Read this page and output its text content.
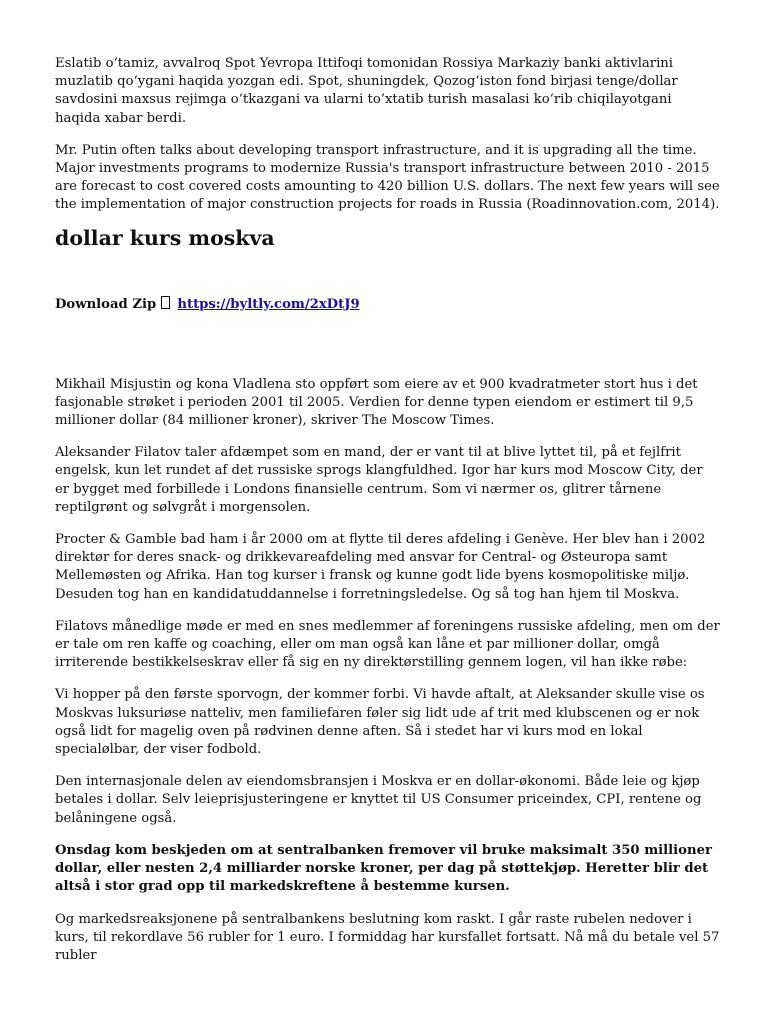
Eslatib o‘tamiz, avvalroq Spot Yevropa Ittifoqi tomonidan Rossiya Markaziy banki aktivlarini muzlatib qo‘ygani haqida yozgan edi. Spot, shuningdek, Qozog‘iston fond birjasi tenge/dollar savdosini maxsus rejimga o‘tkazgani va ularni to‘xtatib turish masalasi ko‘rib chiqilayotgani haqida xabar berdi.

Mr. Putin often talks about developing transport infrastructure, and it is upgrading all the time. Major investments programs to modernize Russia's transport infrastructure between 2010 - 2015 are forecast to cost covered costs amounting to 420 billion U.S. dollars. The next few years will see the implementation of major construction projects for roads in Russia (Roadinnovation.com, 2014).

dollar kurs moskva
Download Zip https://byltly.com/2xDtJ9

Mikhail Misjustin og kona Vladlena sto oppført som eiere av et 900 kvadratmeter stort hus i det fasjonable strøket i perioden 2001 til 2005. Verdien for denne typen eiendom er estimert til 9,5 millioner dollar (84 millioner kroner), skriver The Moscow Times.

Aleksander Filatov taler afdæmpet som en mand, der er vant til at blive lyttet til, på et fejlfrit engelsk, kun let rundet af det russiske sprogs klangfuldhed. Igor har kurs mod Moscow City, der er bygget med forbillede i Londons finansielle centrum. Som vi nærmer os, glitrer tårnene reptilgrønt og sølvgråt i morgensolen.

Procter & Gamble bad ham i år 2000 om at flytte til deres afdeling i Genève. Her blev han i 2002 direktør for deres snack- og drikkevareafdeling med ansvar for Central- og Østeuropa samt Mellemøsten og Afrika. Han tog kurser i fransk og kunne godt lide byens kosmopolitiske miljø. Desuden tog han en kandidatuddannelse i forretningsledelse. Og så tog han hjem til Moskva.

Filatovs månedlige møde er med en snes medlemmer af foreningens russiske afdeling, men om der er tale om ren kaffe og coaching, eller om man også kan låne et par millioner dollar, omgå irriterende bestikkelseskrav eller få sig en ny direktørstilling gennem logen, vil han ikke røbe:

Vi hopper på den første sporvogn, der kommer forbi. Vi havde aftalt, at Aleksander skulle vise os Moskvas luksuriøse natteliv, men familiefaren føler sig lidt ude af trit med klubscenen og er nok også lidt for magelig oven på rødvinen denne aften. Så i stedet har vi kurs mod en lokal specialølbar, der viser fodbold.

Den internasjonale delen av eiendomsbransjen i Moskva er en dollar-økonomi. Både leie og kjøp betales i dollar. Selv leieprisjusteringene er knyttet til US Consumer priceindex, CPI, rentene og belåningene også.

Onsdag kom beskjeden om at sentralbanken fremover vil bruke maksimalt 350 millioner dollar, eller nesten 2,4 milliarder norske kroner, per dag på støttekjøp. Heretter blir det altså i stor grad opp til markedskreftene å bestemme kursen.

Og markedsreaksjonene på sentralbankens beslutning kom raskt. I går raste rubelen nedover i kurs, til rekordlave 56 rubler for 1 euro. I formiddag har kursfallet fortsatt. Nå må du betale vel 57 rubler
